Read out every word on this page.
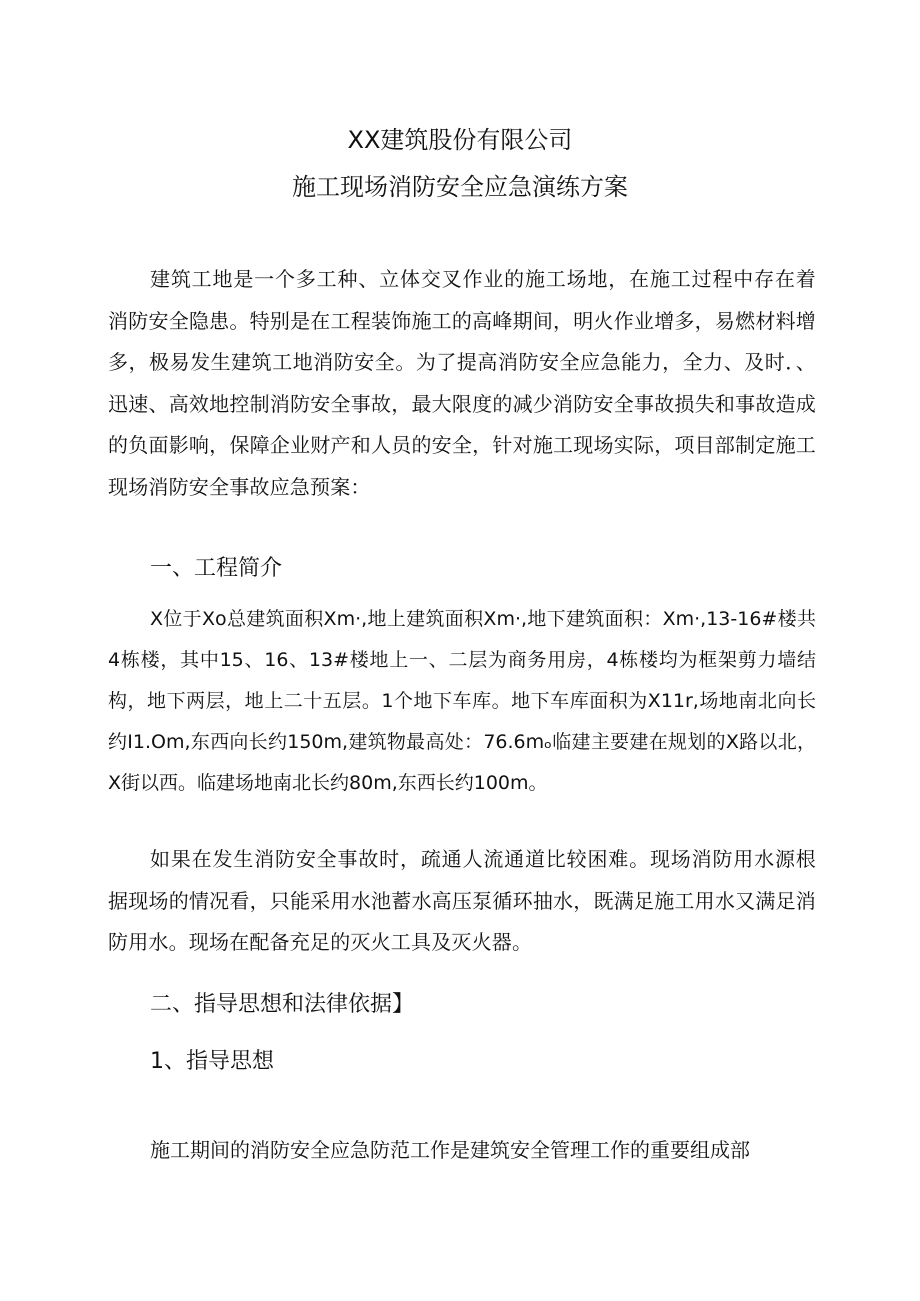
XX建筑股份有限公司
施工现场消防安全应急演练方案

建筑工地是一个多工种、立体交叉作业的施工场地，在施工过程中存在着消防安全隐患。特别是在工程装饰施工的高峰期间，明火作业增多，易燃材料增多，极易发生建筑工地消防安全。为了提高消防安全应急能力，全力、及时．、迅速、高效地控制消防安全事故，最大限度的减少消防安全事故损失和事故造成的负面影响，保障企业财产和人员的安全，针对施工现场实际，项目部制定施工现场消防安全事故应急预案：

一、工程简介

X位于Xo总建筑面积Xm·,地上建筑面积Xm·,地下建筑面积：Xm·,13-16#楼共4栋楼，其中15、16、13#楼地上一、二层为商务用房，4栋楼均为框架剪力墙结构，地下两层，地上二十五层。1个地下车库。地下车库面积为X11r,场地南北向长约I1.Om,东西向长约150m,建筑物最高处：76.6mₒ临建主要建在规划的X路以北，X街以西。临建场地南北长约80m,东西长约100m。

如果在发生消防安全事故时，疏通人流通道比较困难。现场消防用水源根据现场的情况看，只能采用水池蓄水高压泵循环抽水，既满足施工用水又满足消防用水。现场在配备充足的灭火工具及灭火器。

二、指导思想和法律依据】
1、指导思想
施工期间的消防安全应急防范工作是建筑安全管理工作的重要组成部
